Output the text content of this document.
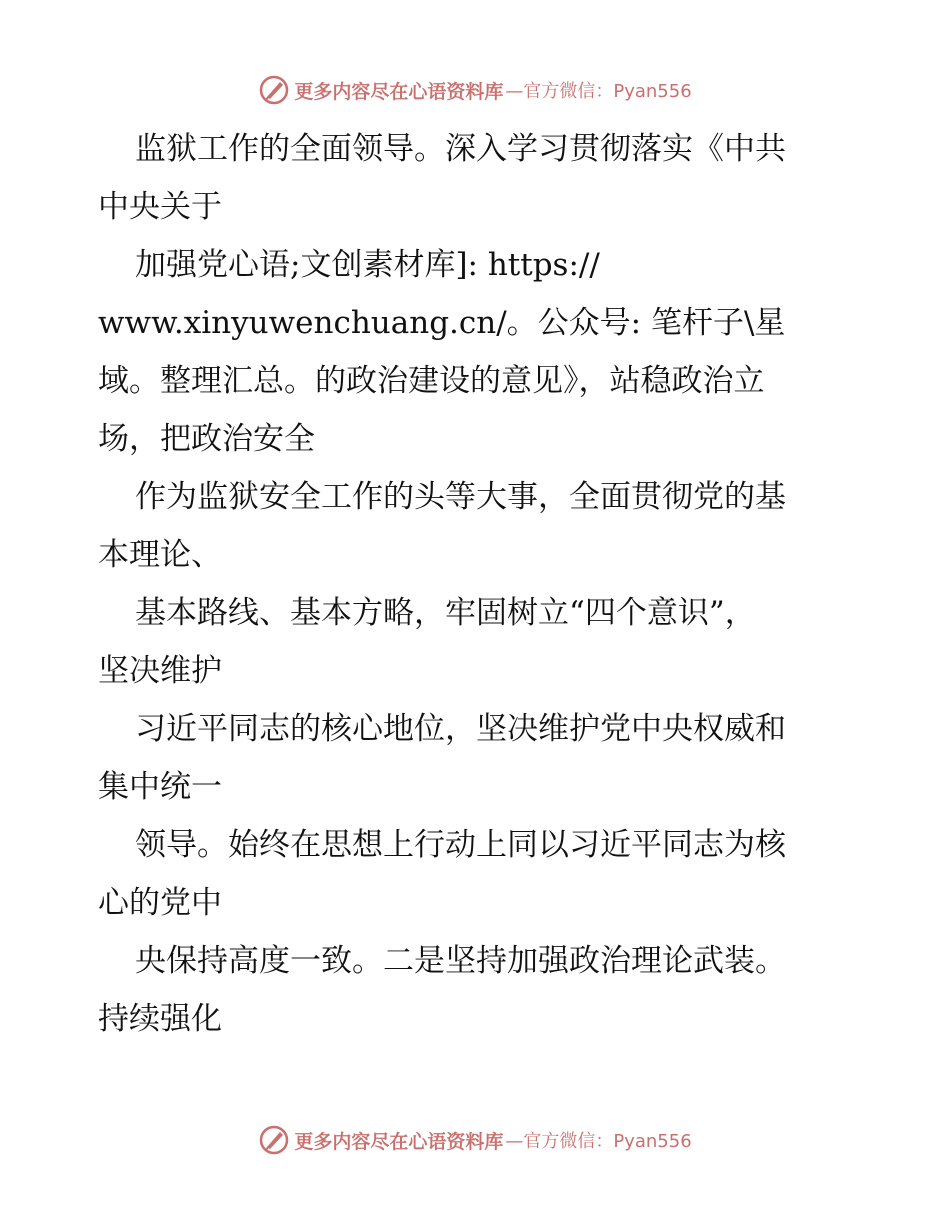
更多内容尽在心语资料库 —官方微信：Pyan556
监狱工作的全面领导。深入学习贯彻落实《中共
中央关于
加强党心语;文创素材库]: https://
www.xinyuwenchuang.cn/。公众号: 笔杆子\星
域。整理汇总。的政治建设的意见》，站稳政治立
场，把政治安全
作为监狱安全工作的头等大事，全面贯彻党的基
本理论、
基本路线、基本方略，牢固树立“四个意识”，
坚决维护
习近平同志的核心地位，坚决维护党中央权威和
集中统一
领导。始终在思想上行动上同以习近平同志为核
心的党中
央保持高度一致。二是坚持加强政治理论武装。
持续强化
更多内容尽在心语资料库 —官方微信：Pyan556
